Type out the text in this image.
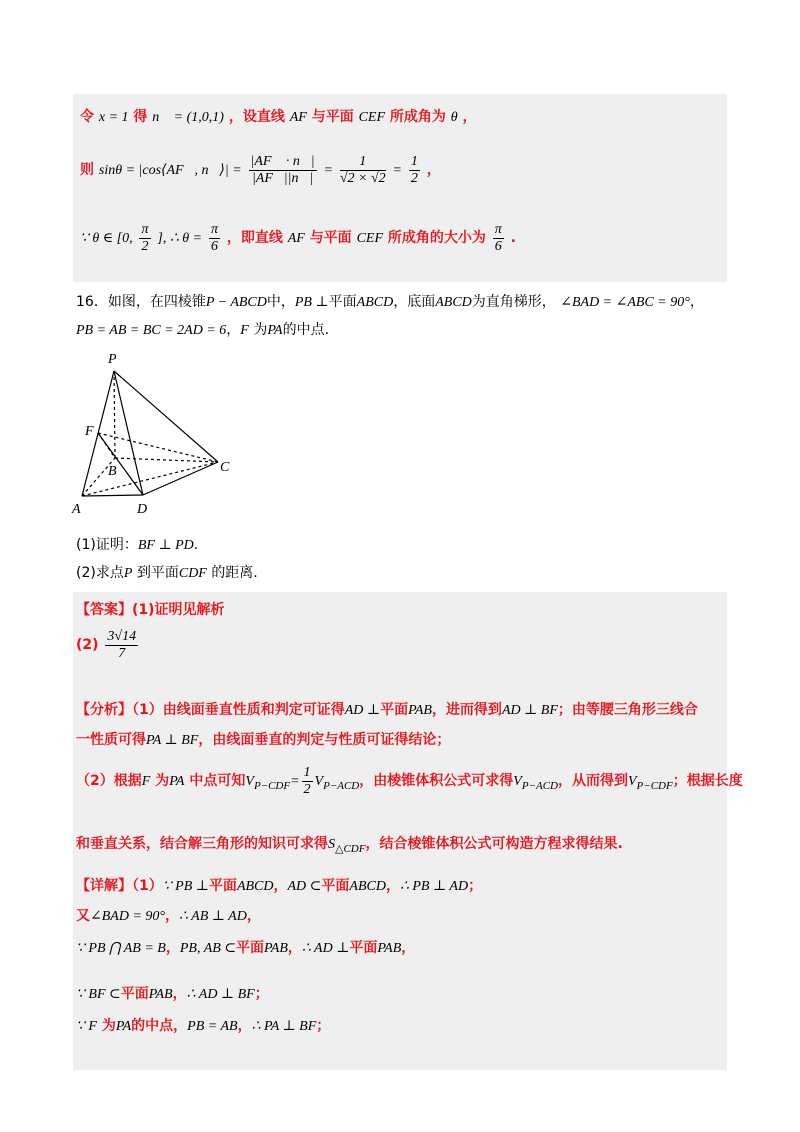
令 x = 1 得 n⃗ = (1,0,1) ，设直线 AF 与平面 CEF 所成角为 θ ，
则 sinθ = |cos⟨AF⃗, n⃗⟩| = $\frac{|AF⃗ \cdot n⃗|}{|AF⃗||n⃗|} = \frac{1}{√2 \times √2} = \frac{1}{2}$ ，
∵ θ ∈ [0, $\frac{\pi}{2}$ ], ∴ $\theta = \frac{\pi}{6}$ ，即直线 AF 与平面 CEF 所成角的大小为 $\frac{\pi}{6}$ .
16．如图，在四棱锥P − ABCD中，PB ⊥平面ABCD，底面ABCD为直角梯形， ∠BAD = ∠ABC = 90°，
PB = AB = BC = 2AD = 6，F 为PA的中点.
P
F
B	C
A	D
(1)证明：BF ⊥ PD.
(2)求点P 到平面CDF 的距离.
【答案】(1)证明见解析
$(2) \frac{3√14}{7}$
【分析】（1）由线面垂直性质和判定可证得AD ⊥平面PAB，进而得到AD ⊥ BF；由等腰三角形三线合
一性质可得PA ⊥ BF，由线面垂直的判定与性质可证得结论；
（2）根据F 为PA 中点可知$V_{P-CDF}= \frac{1}{2} V_{P-ACD}$，由棱锥体积公式可求得$V_{P-ACD}$，从而得到$V_{P-CDF}$；根据长度
和垂直关系，结合解三角形的知识可求得$S_{\triangle CDF}$，结合棱锥体积公式可构造方程求得结果.
【详解】（1）∵ PB ⊥平面ABCD，AD ⊂平面ABCD，∴ PB ⊥ AD；
又∠BAD = 90°，∴ AB ⊥ AD，
∵ PB ⋂ AB = B，PB, AB ⊂平面PAB，∴ AD ⊥平面PAB，
∵ BF ⊂平面PAB，∴ AD ⊥ BF；
∵ F 为PA的中点，PB = AB，∴ PA ⊥ BF；
